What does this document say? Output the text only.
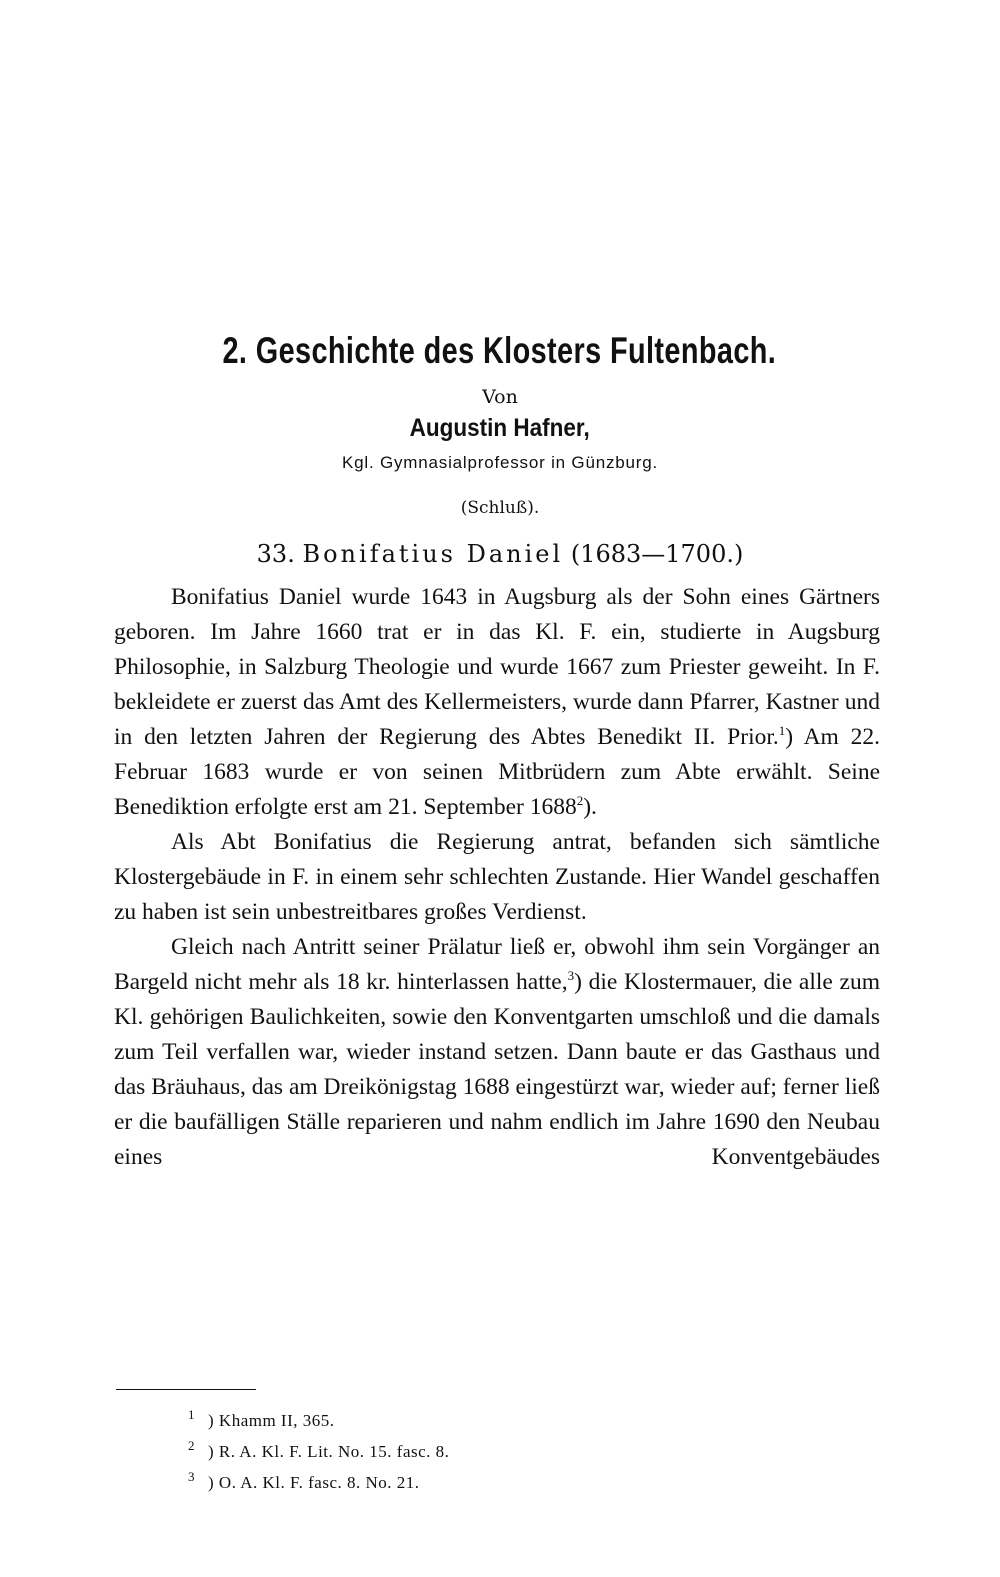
2. Geschichte des Klosters Fultenbach.
Von
Augustin Hafner,
Kgl. Gymnasialprofessor in Günzburg.
(Schluß).
33. Bonifatius Daniel (1683—1700.)

Bonifatius Daniel wurde 1643 in Augsburg als der Sohn eines Gärtners geboren. Im Jahre 1660 trat er in das Kl. F. ein, studierte in Augsburg Philosophie, in Salzburg Theologie und wurde 1667 zum Priester geweiht. In F. bekleidete er zuerst das Amt des Kellermeisters, wurde dann Pfarrer, Kastner und in den letzten Jahren der Regierung des Abtes Benedikt II. Prior.$^1$) Am 22. Februar 1683 wurde er von seinen Mitbrüdern zum Abte erwählt. Seine Benediktion erfolgte erst am 21. September 1688$^2$).

Als Abt Bonifatius die Regierung antrat, befanden sich sämtliche Klostergebäude in F. in einem sehr schlechten Zustande. Hier Wandel geschaffen zu haben ist sein unbestreitbares großes Verdienst.

Gleich nach Antritt seiner Prälatur ließ er, obwohl ihm sein Vorgänger an Bargeld nicht mehr als 18 kr. hinterlassen hatte,$^3$) die Klostermauer, die alle zum Kl. gehörigen Baulichkeiten, sowie den Konventgarten umschloß und die damals zum Teil verfallen war, wieder instand setzen. Dann baute er das Gasthaus und das Bräuhaus, das am Dreikönigstag 1688 eingestürzt war, wieder auf; ferner ließ er die baufälligen Ställe reparieren und nahm endlich im Jahre 1690 den Neubau eines Konventgebäudes

$^1$ ) Khamm II, 365.
$^2$ ) R. A. Kl. F. Lit. No. 15. fasc. 8.
$^3$ ) O. A. Kl. F. fasc. 8. No. 21.
